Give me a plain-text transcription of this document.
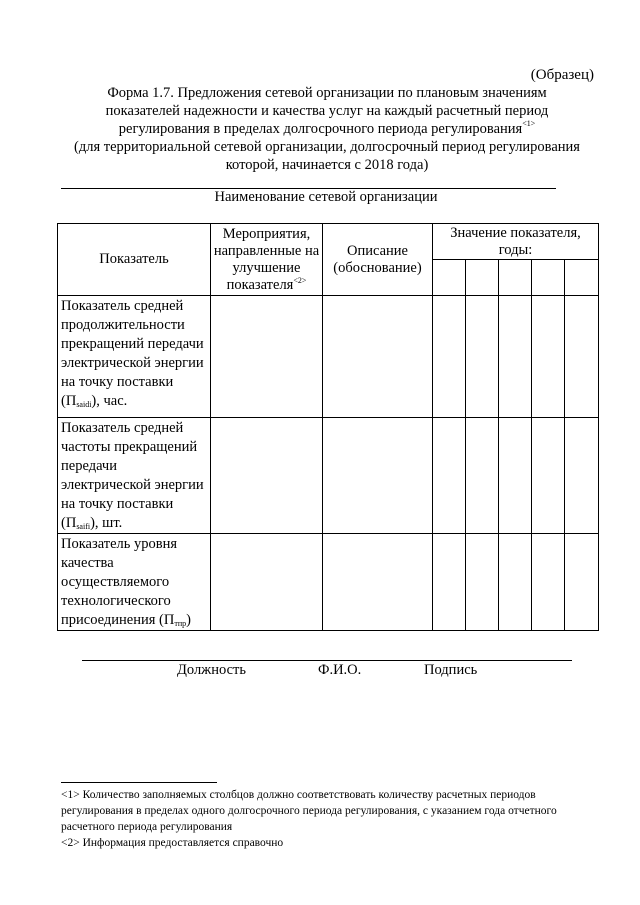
(Образец)
Форма 1.7. Предложения сетевой организации по плановым значениям
показателей надежности и качества услуг на каждый расчетный период
регулирования в пределах долгосрочного периода регулирования$^{<1>}$
(для территориальной сетевой организации, долгосрочный период регулирования
которой, начинается с 2018 года)
Наименование сетевой организации
Показатель	Мероприятия, направленные на улучшение показателя$^{<2>}$	Описание (обоснование)	Значение показателя, годы:				

Показатель средней продолжительности прекращений передачи электрической энергии на точку поставки $(П_{saidi})$, час.							
Показатель средней частоты прекращений передачи электрической энергии на точку поставки $(П_{saifi})$, шт.							
Показатель уровня качества осуществляемого технологического присоединения $(П_{тпр})$							
Должность	Ф.И.О.	Подпись

<1> Количество заполняемых столбцов должно соответствовать количеству расчетных периодов регулирования в пределах одного долгосрочного периода регулирования, с указанием года отчетного расчетного периода регулирования

<2> Информация предоставляется справочно
